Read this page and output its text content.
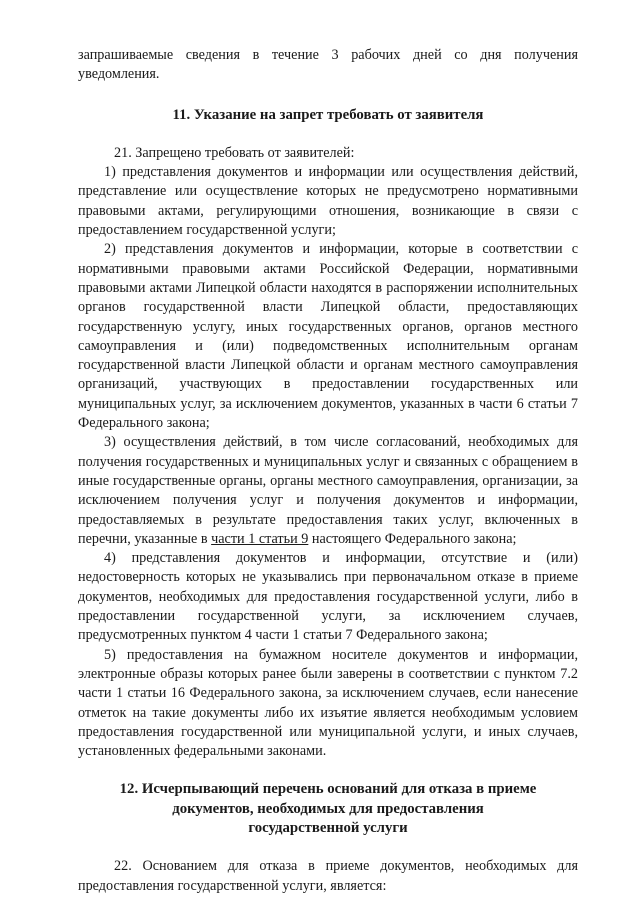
запрашиваемые сведения в течение 3 рабочих дней со дня получения уведомления.

11. Указание на запрет требовать от заявителя

21. Запрещено требовать от заявителей:

1) представления документов и информации или осуществления действий, представление или осуществление которых не предусмотрено нормативными правовыми актами, регулирующими отношения, возникающие в связи с предоставлением государственной услуги;

2) представления документов и информации, которые в соответствии с нормативными правовыми актами Российской Федерации, нормативными правовыми актами Липецкой области находятся в распоряжении исполнительных органов государственной власти Липецкой области, предоставляющих государственную услугу, иных государственных органов, органов местного самоуправления и (или) подведомственных исполнительным органам государственной власти Липецкой области и органам местного самоуправления организаций, участвующих в предоставлении государственных или муниципальных услуг, за исключением документов, указанных в части 6 статьи 7 Федерального закона;

3) осуществления действий, в том числе согласований, необходимых для получения государственных и муниципальных услуг и связанных с обращением в иные государственные органы, органы местного самоуправления, организации, за исключением получения услуг и получения документов и информации, предоставляемых в результате предоставления таких услуг, включенных в перечни, указанные в части 1 статьи 9 настоящего Федерального закона;

4) представления документов и информации, отсутствие и (или) недостоверность которых не указывались при первоначальном отказе в приеме документов, необходимых для предоставления государственной услуги, либо в предоставлении государственной услуги, за исключением случаев, предусмотренных пунктом 4 части 1 статьи 7 Федерального закона;

5) предоставления на бумажном носителе документов и информации, электронные образы которых ранее были заверены в соответствии с пунктом 7.2 части 1 статьи 16 Федерального закона, за исключением случаев, если нанесение отметок на такие документы либо их изъятие является необходимым условием предоставления государственной или муниципальной услуги, и иных случаев, установленных федеральными законами.

12. Исчерпывающий перечень оснований для отказа в приеме

документов, необходимых для предоставления

государственной услуги

22. Основанием для отказа в приеме документов, необходимых для предоставления государственной услуги, является:
